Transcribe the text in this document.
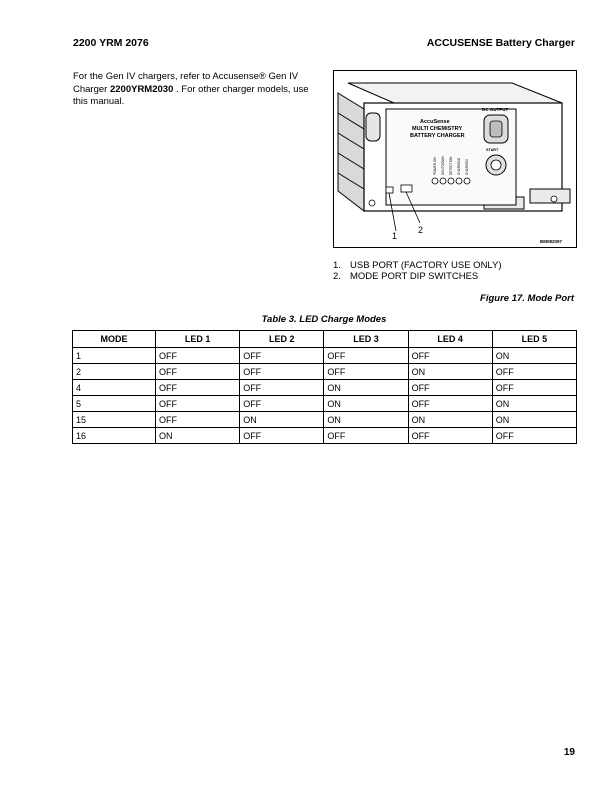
2200 YRM 2076	ACCUSENSE Battery Charger
For the Gen IV chargers, refer to Accusense® Gen IV Charger 2200YRM2030 . For other charger models, use this manual.
AccuSense
MULTI CHEMISTRY
BATTERY CHARGER
DC OUTPUT
START
POWER ON SHUTDOWN DETECTION CHARGING CHARGED
1
2
BM082097
1. USB PORT (FACTORY USE ONLY)
2. MODE PORT DIP SWITCHES
Figure 17. Mode Port
Table 3. LED Charge Modes
MODE	LED 1	LED 2	LED 3	LED 4	LED 5
1	OFF	OFF	OFF	OFF	ON
2	OFF	OFF	OFF	ON	OFF
4	OFF	OFF	ON	OFF	OFF
5	OFF	OFF	ON	OFF	ON
15	OFF	ON	ON	ON	ON
16	ON	OFF	OFF	OFF	OFF
19
